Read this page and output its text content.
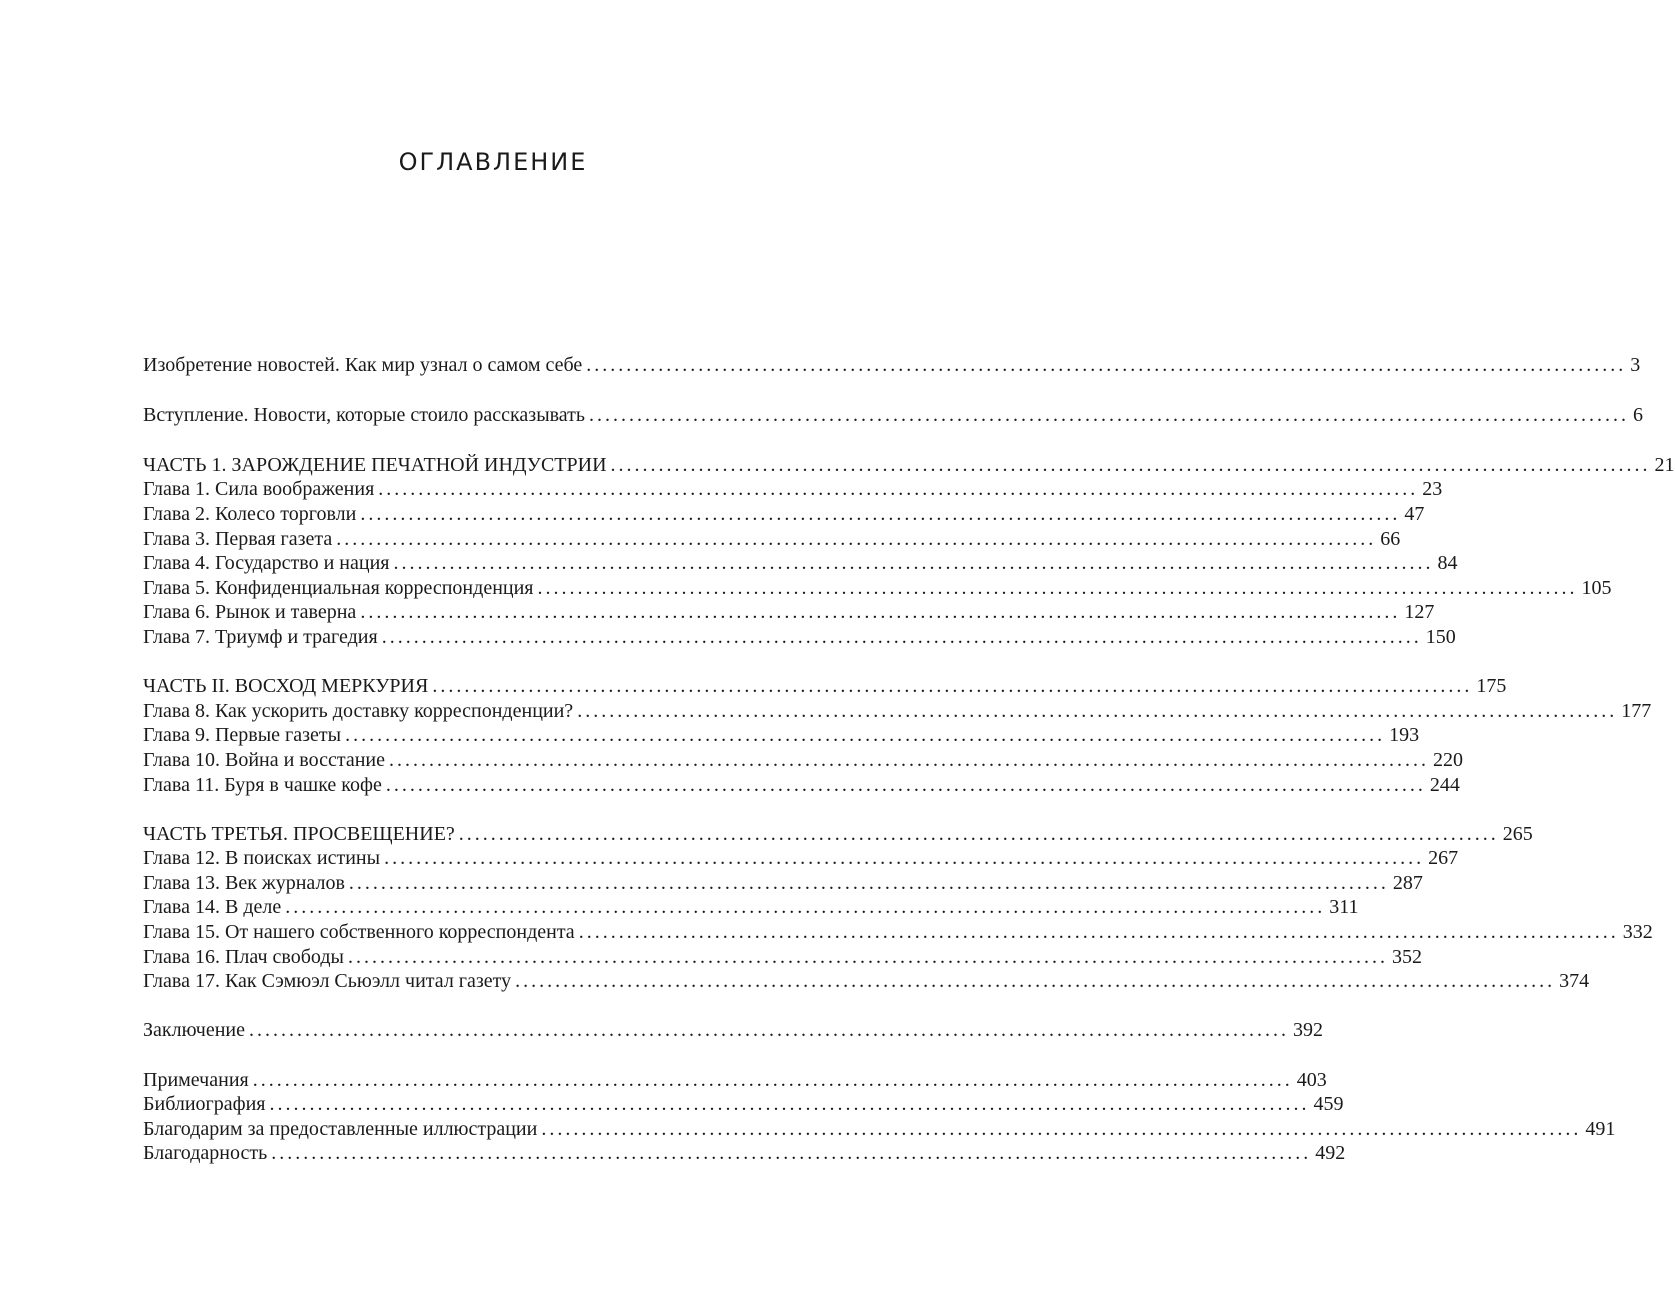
ОГЛАВЛЕНИЕ
Изобретение новостей. Как мир узнал о самом себе .................................................................................................................................. 3
Вступление. Новости, которые стоило рассказывать .................................................................................................................................. 6
ЧАСТЬ 1. ЗАРОЖДЕНИЕ ПЕЧАТНОЙ ИНДУСТРИИ .................................................................................................................................. 21
Глава 1. Сила воображения .................................................................................................................................. 23
Глава 2. Колесо торговли .................................................................................................................................. 47
Глава 3. Первая газета .................................................................................................................................. 66
Глава 4. Государство и нация .................................................................................................................................. 84
Глава 5. Конфиденциальная корреспонденция .................................................................................................................................. 105
Глава 6. Рынок и таверна .................................................................................................................................. 127
Глава 7. Триумф и трагедия .................................................................................................................................. 150
ЧАСТЬ II. ВОСХОД МЕРКУРИЯ .................................................................................................................................. 175
Глава 8. Как ускорить доставку корреспонденции? .................................................................................................................................. 177
Глава 9. Первые газеты .................................................................................................................................. 193
Глава 10. Война и восстание .................................................................................................................................. 220
Глава 11. Буря в чашке кофе .................................................................................................................................. 244
ЧАСТЬ ТРЕТЬЯ. ПРОСВЕЩЕНИЕ? .................................................................................................................................. 265
Глава 12. В поисках истины .................................................................................................................................. 267
Глава 13. Век журналов .................................................................................................................................. 287
Глава 14. В деле .................................................................................................................................. 311
Глава 15. От нашего собственного корреспондента .................................................................................................................................. 332
Глава 16. Плач свободы .................................................................................................................................. 352
Глава 17. Как Сэмюэл Сьюэлл читал газету .................................................................................................................................. 374
Заключение .................................................................................................................................. 392
Примечания .................................................................................................................................. 403
Библиография .................................................................................................................................. 459
Благодарим за предоставленные иллюстрации .................................................................................................................................. 491
Благодарность .................................................................................................................................. 492
